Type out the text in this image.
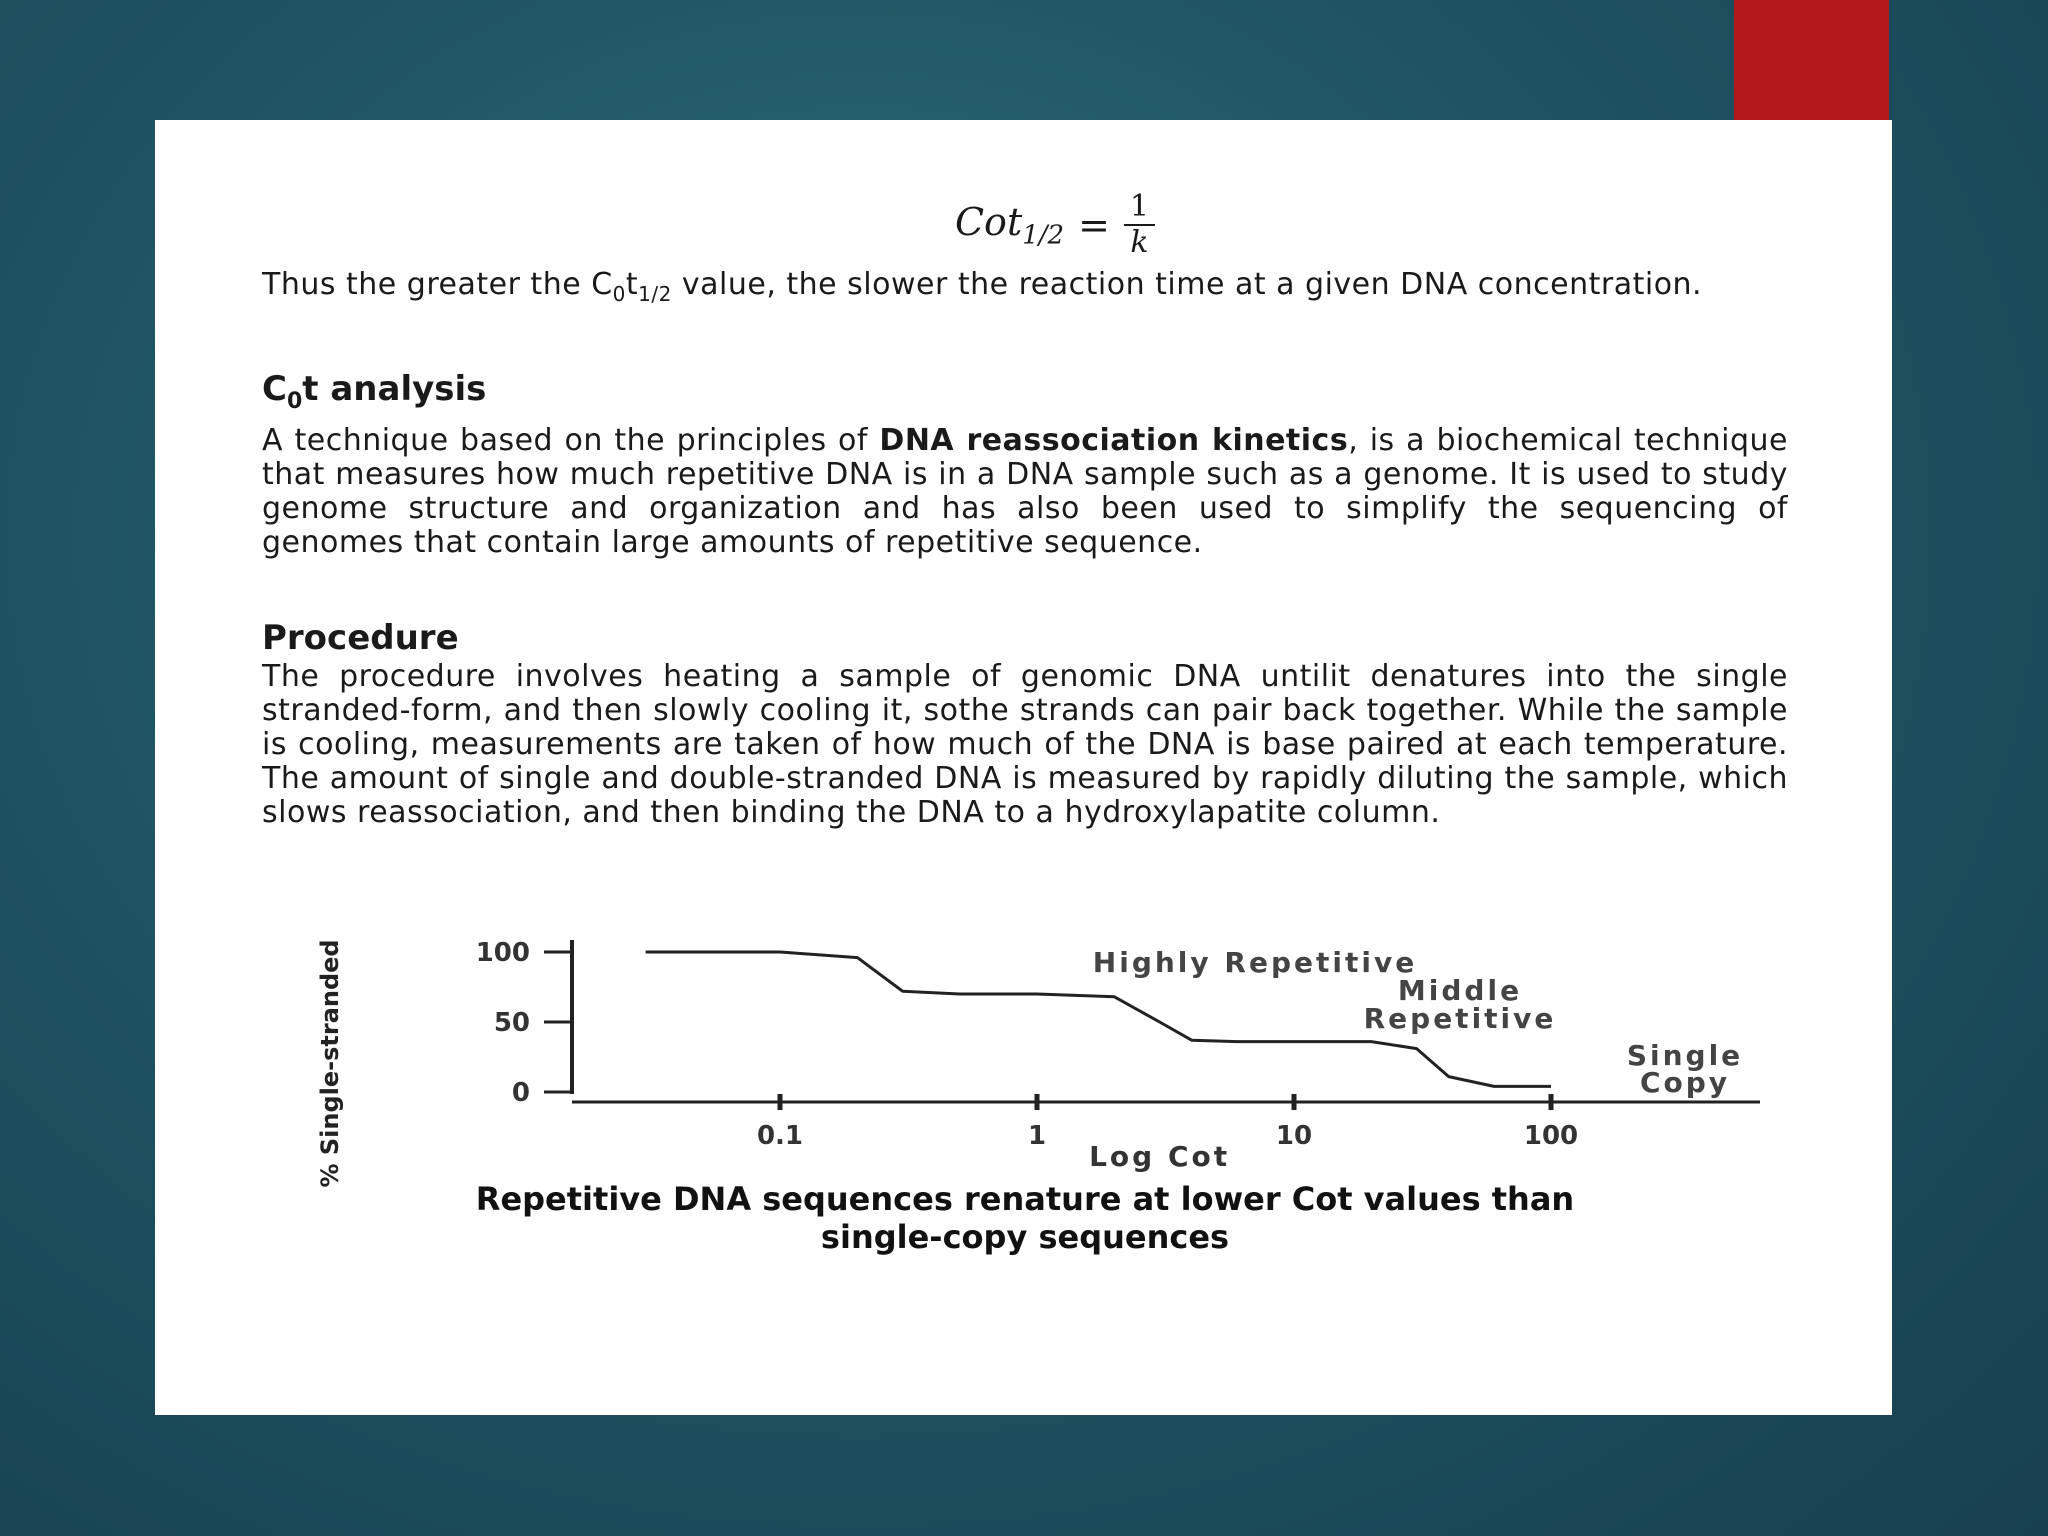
$Cot_{1/2} = \frac{1}{k}$

Thus the greater the $C_0t_{1/2}$ value, the slower the reaction time at a given DNA concentration.

$C_0t$ analysis

A technique based on the principles of DNA reassociation kinetics, is a biochemical technique that measures how much repetitive DNA is in a DNA sample such as a genome. It is used to study genome structure and organization and has also been used to simplify the sequencing of genomes that contain large amounts of repetitive sequence.

Procedure

The procedure involves heating a sample of genomic DNA untilit denatures into the single stranded-form, and then slowly cooling it, sothe strands can pair back together. While the sample is cooling, measurements are taken of how much of the DNA is base paired at each temperature. The amount of single and double-stranded DNA is measured by rapidly diluting the sample, which slows reassociation, and then binding the DNA to a hydroxylapatite column.

100
50
0
0.1	1	10	100
Log Cot
% Single-stranded DNA	Highly Repetitive
Middle
Repetitive
Single
Copy
Repetitive DNA sequences renature at lower Cot values than
single-copy sequences
